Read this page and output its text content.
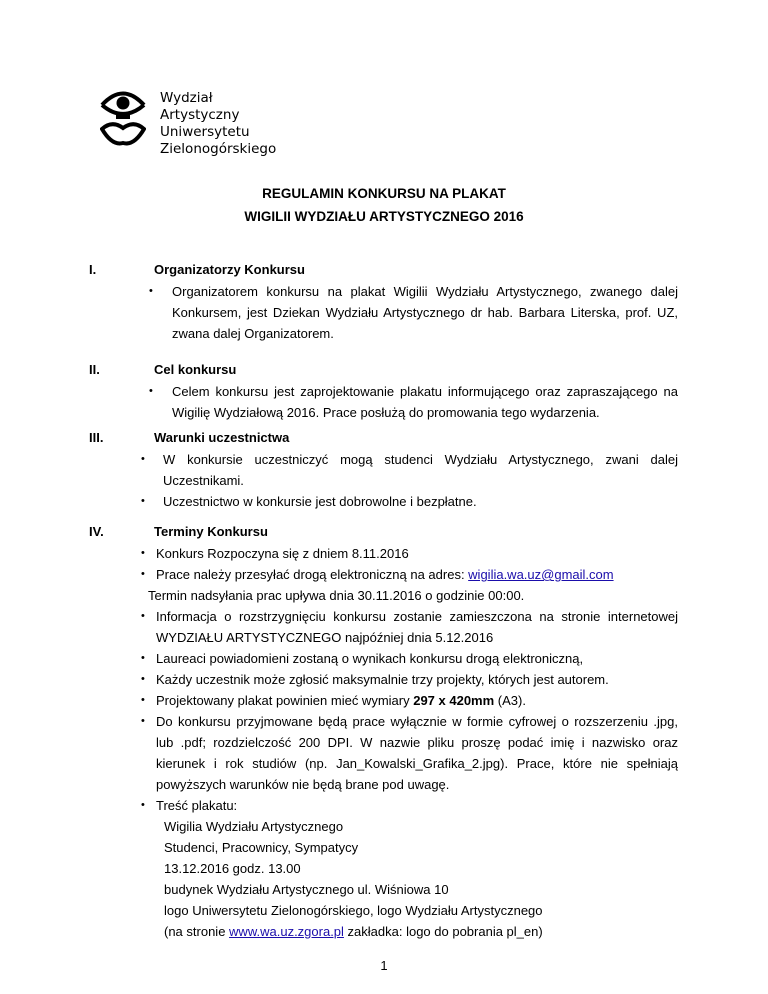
Wydział
Artystyczny
Uniwersytetu
Zielonogórskiego
REGULAMIN KONKURSU NA PLAKAT
WIGILII WYDZIAŁU ARTYSTYCZNEGO 2016
I.	Organizatorzy Konkursu
• Organizatorem konkursu na plakat Wigilii Wydziału Artystycznego, zwanego dalej Konkursem, jest Dziekan Wydziału Artystycznego dr hab. Barbara Literska, prof. UZ, zwana dalej Organizatorem.
II.	Cel konkursu
• Celem konkursu jest zaprojektowanie plakatu informującego oraz zapraszającego na Wigilię Wydziałową 2016. Prace posłużą do promowania tego wydarzenia.
III.	Warunki uczestnictwa
• W konkursie uczestniczyć mogą studenci Wydziału Artystycznego, zwani dalej Uczestnikami.
• Uczestnictwo w konkursie jest dobrowolne i bezpłatne.
IV.	Terminy Konkursu
• Konkurs Rozpoczyna się z dniem 8.11.2016
• Prace należy przesyłać drogą elektroniczną na adres: wigilia.wa.uz@gmail.com
Termin nadsyłania prac upływa dnia 30.11.2016 o godzinie 00:00.
• Informacja o rozstrzygnięciu konkursu zostanie zamieszczona na stronie internetowej WYDZIAŁU ARTYSTYCZNEGO najpóźniej dnia 5.12.2016
• Laureaci powiadomieni zostaną o wynikach konkursu drogą elektroniczną,
• Każdy uczestnik może zgłosić maksymalnie trzy projekty, których jest autorem.
• Projektowany plakat powinien mieć wymiary 297 x 420mm (A3).
• Do konkursu przyjmowane będą prace wyłącznie w formie cyfrowej o rozszerzeniu .jpg, lub .pdf; rozdzielczość 200 DPI. W nazwie pliku proszę podać imię i nazwisko oraz kierunek i rok studiów (np. Jan_Kowalski_Grafika_2.jpg). Prace, które nie spełniają powyższych warunków nie będą brane pod uwagę.
• Treść plakatu:
Wigilia Wydziału Artystycznego
Studenci, Pracownicy, Sympatycy
13.12.2016 godz. 13.00
budynek Wydziału Artystycznego ul. Wiśniowa 10
logo Uniwersytetu Zielonogórskiego, logo Wydziału Artystycznego
(na stronie www.wa.uz.zgora.pl zakładka: logo do pobrania pl_en)
1
